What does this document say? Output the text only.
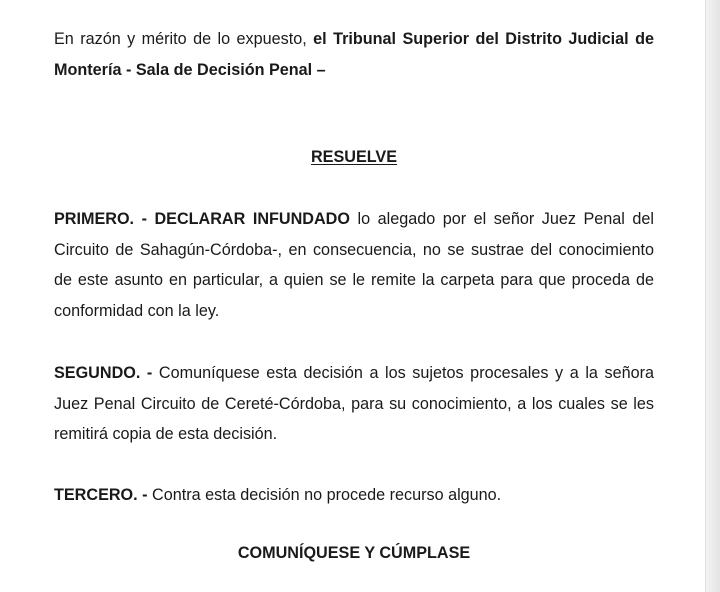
En razón y mérito de lo expuesto, el Tribunal Superior del Distrito Judicial de Montería - Sala de Decisión Penal –

RESUELVE

PRIMERO. - DECLARAR INFUNDADO lo alegado por el señor Juez Penal del Circuito de Sahagún-Córdoba-, en consecuencia, no se sustrae del conocimiento de este asunto en particular, a quien se le remite la carpeta para que proceda de conformidad con la ley.

SEGUNDO. - Comuníquese esta decisión a los sujetos procesales y a la señora Juez Penal Circuito de Cereté-Córdoba, para su conocimiento, a los cuales se les remitirá copia de esta decisión.

TERCERO. - Contra esta decisión no procede recurso alguno.

COMUNÍQUESE Y CÚMPLASE
